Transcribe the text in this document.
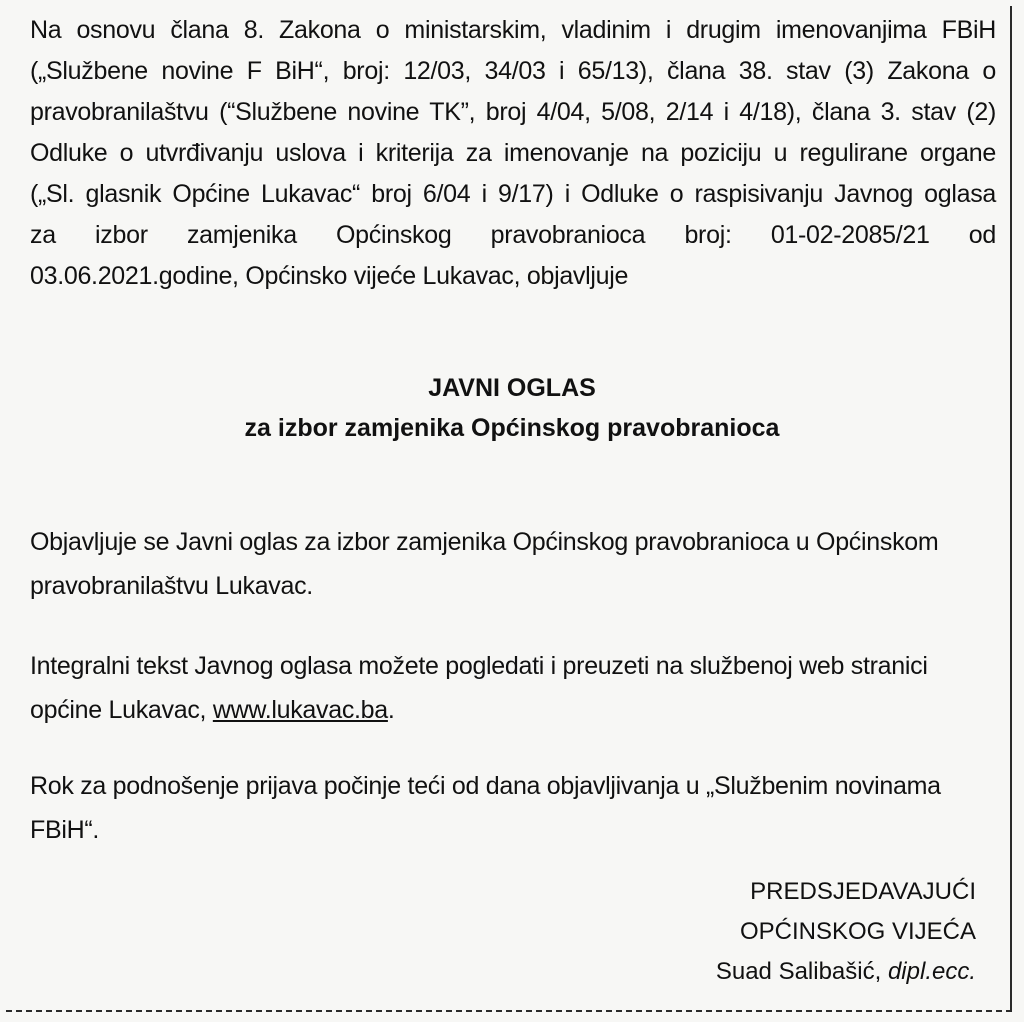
Na osnovu člana 8. Zakona o ministarskim, vladinim i drugim imenovanjima FBiH
(„Službene novine F BiH“, broj: 12/03, 34/03 i 65/13), člana 38. stav (3) Zakona o
pravobranilaštvu (“Službene novine TK”, broj 4/04, 5/08, 2/14 i 4/18), člana 3. stav (2)
Odluke o utvrđivanju uslova i kriterija za imenovanje na poziciju u regulirane organe
(„Sl. glasnik Općine Lukavac“ broj 6/04 i 9/17) i Odluke o raspisivanju Javnog oglasa
za izbor zamjenika Općinskog pravobranioca broj: 01-02-2085/21 od
03.06.2021.godine, Općinsko vijeće Lukavac, objavljuje
JAVNI OGLAS
za izbor zamjenika Općinskog pravobranioca
Objavljuje se Javni oglas za izbor zamjenika Općinskog pravobranioca u Općinskom
pravobranilaštvu Lukavac.
Integralni tekst Javnog oglasa možete pogledati i preuzeti na službenoj web stranici
općine Lukavac, www.lukavac.ba.
Rok za podnošenje prijava počinje teći od dana objavljivanja u „Službenim novinama
FBiH“.
PREDSJEDAVAJUĆI
OPĆINSKOG VIJEĆA
Suad Salibašić, dipl.ecc.
